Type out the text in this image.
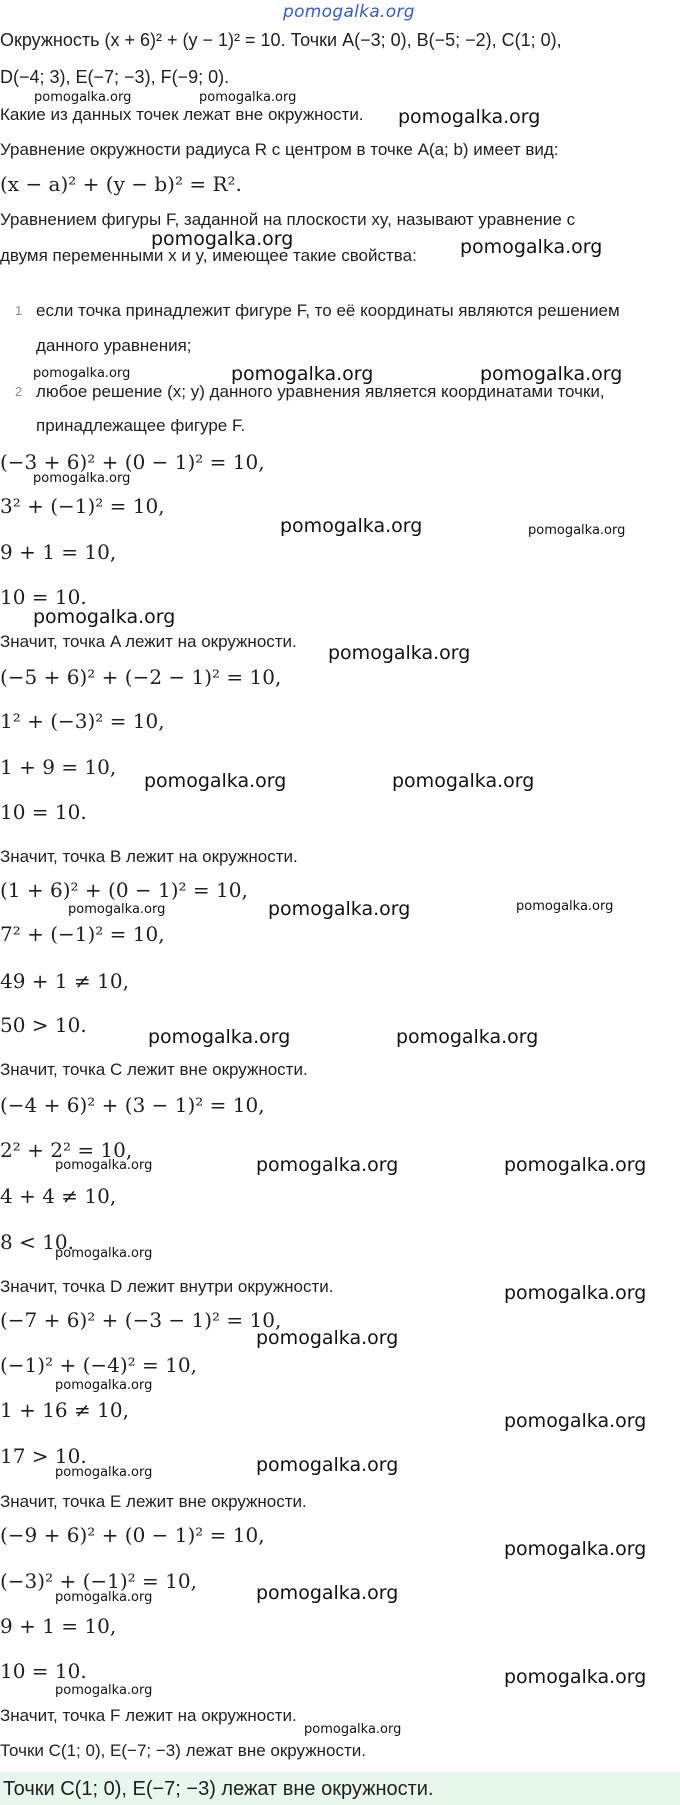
pomogalka.org
Окружность (x + 6)² + (y − 1)² = 10. Точки A(−3; 0), B(−5; −2), C(1; 0),
D(−4; 3), E(−7; −3), F(−9; 0).
Какие из данных точек лежат вне окружности.
Уравнение окружности радиуса R с центром в точке A(a; b) имеет вид:
(x − a)² + (y − b)² = R².
Уравнением фигуры F, заданной на плоскости xy, называют уравнение с
двумя переменными x и y, имеющее такие свойства:
1 если точка принадлежит фигуре F, то её координаты являются решением
данного уравнения;
2 любое решение (x; y) данного уравнения является координатами точки,
принадлежащее фигуре F.
(−3 + 6)² + (0 − 1)² = 10,
3² + (−1)² = 10,
9 + 1 = 10,
10 = 10.
Значит, точка A лежит на окружности.
(−5 + 6)² + (−2 − 1)² = 10,
1² + (−3)² = 10,
1 + 9 = 10,
10 = 10.
Значит, точка B лежит на окружности.
(1 + 6)² + (0 − 1)² = 10,
7² + (−1)² = 10,
49 + 1 ≠ 10,
50 > 10.
Значит, точка C лежит вне окружности.
(−4 + 6)² + (3 − 1)² = 10,
2² + 2² = 10,
4 + 4 ≠ 10,
8 < 10.
Значит, точка D лежит внутри окружности.
(−7 + 6)² + (−3 − 1)² = 10,
(−1)² + (−4)² = 10,
1 + 16 ≠ 10,
17 > 10.
Значит, точка E лежит вне окружности.
(−9 + 6)² + (0 − 1)² = 10,
(−3)² + (−1)² = 10,
9 + 1 = 10,
10 = 10.
Значит, точка F лежит на окружности.
Точки C(1; 0), E(−7; −3) лежат вне окружности.
Точки C(1; 0), E(−7; −3) лежат вне окружности.
pomogalka.org	pomogalka.org
pomogalka.org
pomogalka.org	pomogalka.org
pomogalka.org	pomogalka.org	pomogalka.org
pomogalka.org
pomogalka.org	pomogalka.org
pomogalka.org
pomogalka.org
pomogalka.org	pomogalka.org
pomogalka.org	pomogalka.org	pomogalka.org
pomogalka.org	pomogalka.org
pomogalka.org	pomogalka.org	pomogalka.org
pomogalka.org
pomogalka.org
pomogalka.org
pomogalka.org
pomogalka.org
pomogalka.org	pomogalka.org
pomogalka.org
pomogalka.org	pomogalka.org
pomogalka.org
pomogalka.org
pomogalka.org
